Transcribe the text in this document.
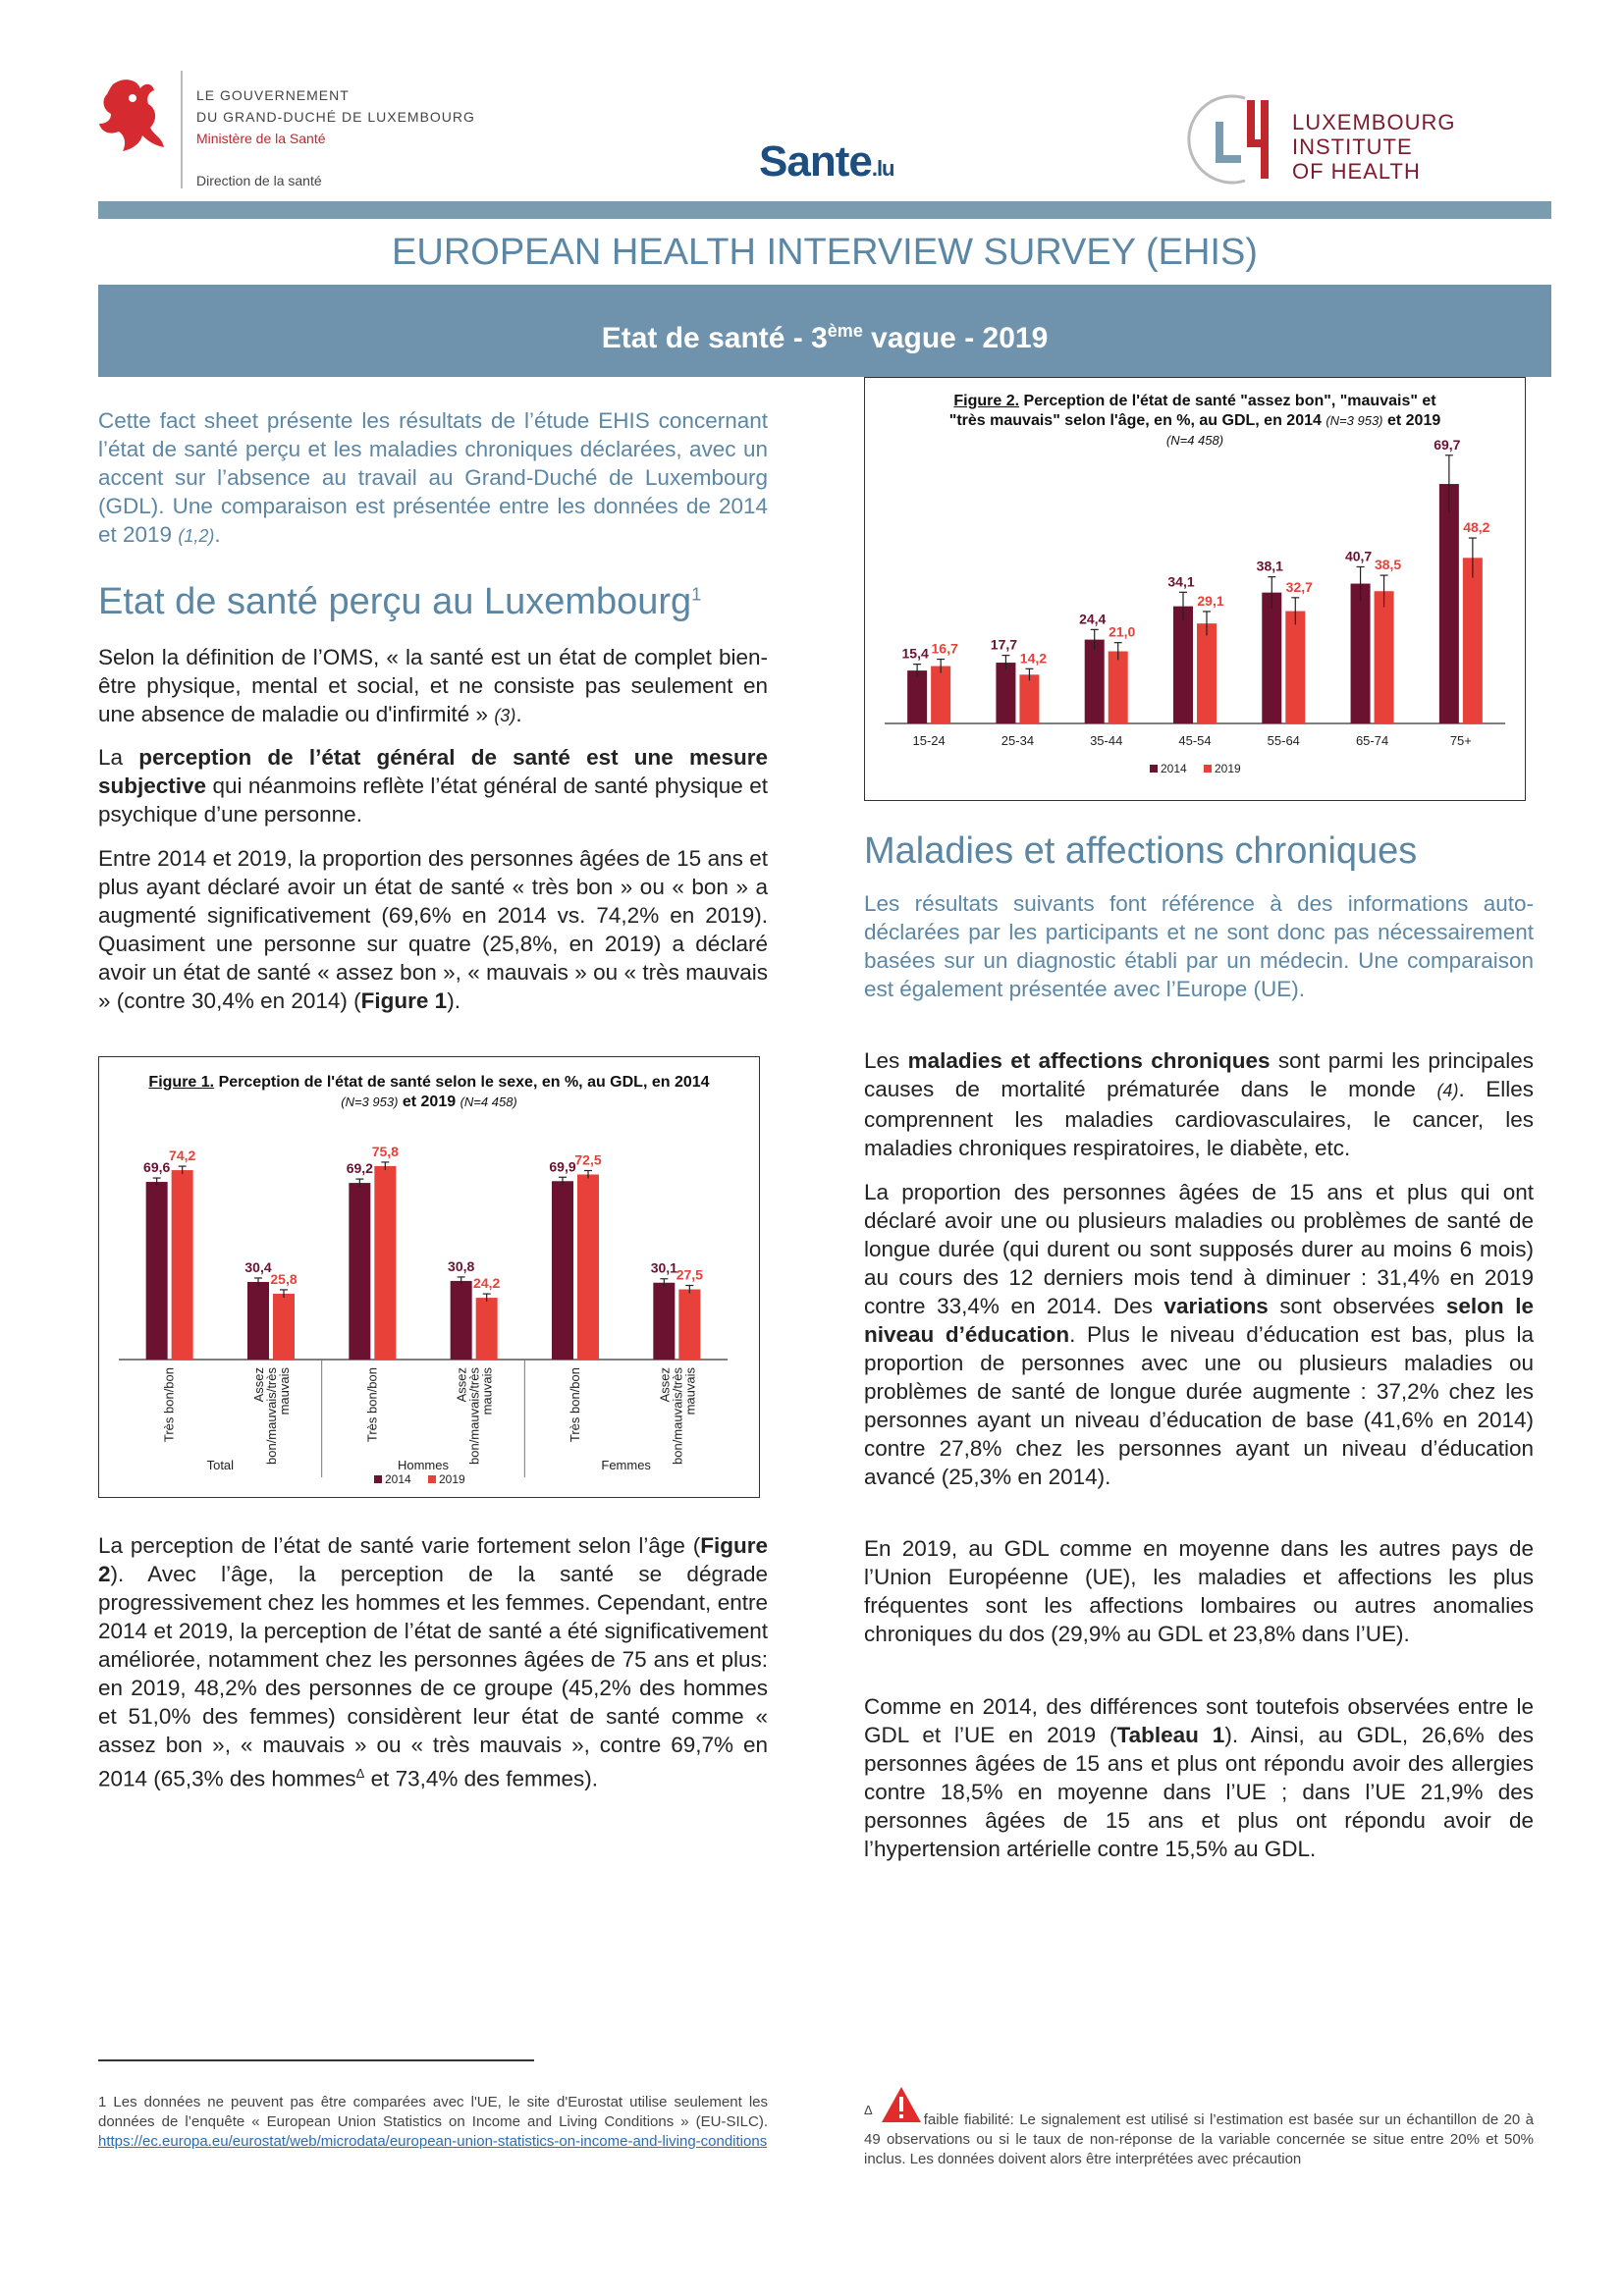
LE GOUVERNEMENT
DU GRAND-DUCHÉ DE LUXEMBOURG
Ministère de la Santé
Direction de la santé	Sante.lu
LUXEMBOURG
INSTITUTE
OF HEALTH
EUROPEAN HEALTH INTERVIEW SURVEY (EHIS)
Etat de santé - 3ème vague - 2019
Cette fact sheet présente les résultats de l’étude EHIS concernant l’état de santé perçu et les maladies chroniques déclarées, avec un accent sur l’absence au travail au Grand-Duché de Luxembourg (GDL). Une comparaison est présentée entre les données de 2014 et 2019 (1,2).
Etat de santé perçu au Luxembourg$^1$
Selon la définition de l’OMS, « la santé est un état de complet bien-être physique, mental et social, et ne consiste pas seulement en une absence de maladie ou d'infirmité » (3).
La perception de l’état général de santé est une mesure subjective qui néanmoins reflète l’état général de santé physique et psychique d’une personne.
Entre 2014 et 2019, la proportion des personnes âgées de 15 ans et plus ayant déclaré avoir un état de santé « très bon » ou « bon » a augmenté significativement (69,6% en 2014 vs. 74,2% en 2019). Quasiment une personne sur quatre (25,8%, en 2019) a déclaré avoir un état de santé « assez bon », « mauvais » ou « très mauvais » (contre 30,4% en 2014) (Figure 1).
Figure 1. Perception de l'état de santé selon le sexe, en %, au GDL, en 2014 (N=3 953) et 2019 (N=4 458)
69,6
74,2
Très bon/bon
30,4
25,8
Assez
bon/mauvais/très
mauvais
69,2
75,8
Très bon/bon
30,8
24,2
Assez
bon/mauvais/très
mauvais
69,9
72,5
Très bon/bon
30,1
27,5
Assez
bon/mauvais/très
mauvais
Total	Hommes	Femmes
2014 2019
La perception de l’état de santé varie fortement selon l’âge (Figure 2). Avec l’âge, la perception de la santé se dégrade progressivement chez les hommes et les femmes. Cependant, entre 2014 et 2019, la perception de l’état de santé a été significativement améliorée, notamment chez les personnes âgées de 75 ans et plus: en 2019, 48,2% des personnes de ce groupe (45,2% des hommes et 51,0% des femmes) considèrent leur état de santé comme « assez bon », « mauvais » ou « très mauvais », contre 69,7% en 2014 (65,3% des hommes$^\Delta$ et 73,4% des femmes).
Figure 2. Perception de l'état de santé "assez bon", "mauvais" et "très mauvais" selon l'âge, en %, au GDL, en 2014 (N=3 953) et 2019 (N=4 458)
15,4 16,7
15-24
17,7
14,2
25-34
24,4
21,0
35-44
34,1
29,1
45-54
38,1
32,7
55-64
40,7
38,5
65-74
69,7
48,2
75+
2014 2019
Maladies et affections chroniques
Les résultats suivants font référence à des informations auto-déclarées par les participants et ne sont donc pas nécessairement basées sur un diagnostic établi par un médecin. Une comparaison est également présentée avec l’Europe (UE).
Les maladies et affections chroniques sont parmi les principales causes de mortalité prématurée dans le monde (4). Elles comprennent les maladies cardiovasculaires, le cancer, les maladies chroniques respiratoires, le diabète, etc.
La proportion des personnes âgées de 15 ans et plus qui ont déclaré avoir une ou plusieurs maladies ou problèmes de santé de longue durée (qui durent ou sont supposés durer au moins 6 mois) au cours des 12 derniers mois tend à diminuer : 31,4% en 2019 contre 33,4% en 2014. Des variations sont observées selon le niveau d’éducation. Plus le niveau d’éducation est bas, plus la proportion de personnes avec une ou plusieurs maladies ou problèmes de santé de longue durée augmente : 37,2% chez les personnes ayant un niveau d’éducation de base (41,6% en 2014) contre 27,8% chez les personnes ayant un niveau d’éducation avancé (25,3% en 2014).
En 2019, au GDL comme en moyenne dans les autres pays de l’Union Européenne (UE), les maladies et affections les plus fréquentes sont les affections lombaires ou autres anomalies chroniques du dos (29,9% au GDL et 23,8% dans l’UE).
Comme en 2014, des différences sont toutefois observées entre le GDL et l’UE en 2019 (Tableau 1). Ainsi, au GDL, 26,6% des personnes âgées de 15 ans et plus ont répondu avoir des allergies contre 18,5% en moyenne dans l’UE ; dans l’UE 21,9% des personnes âgées de 15 ans et plus ont répondu avoir de l’hypertension artérielle contre 15,5% au GDL.
1 Les données ne peuvent pas être comparées avec l'UE, le site d'Eurostat utilise seulement les données de l’enquête « European Union Statistics on Income and Living Conditions » (EU-SILC). https://ec.europa.eu/eurostat/web/microdata/european-union-statistics-on-income-and-living-conditions
Δfaible fiabilité: Le signalement est utilisé si l’estimation est basée sur un échantillon de 20 à 49 observations ou si le taux de non-réponse de la variable concernée se situe entre 20% et 50% inclus. Les données doivent alors être interprétées avec précaution
